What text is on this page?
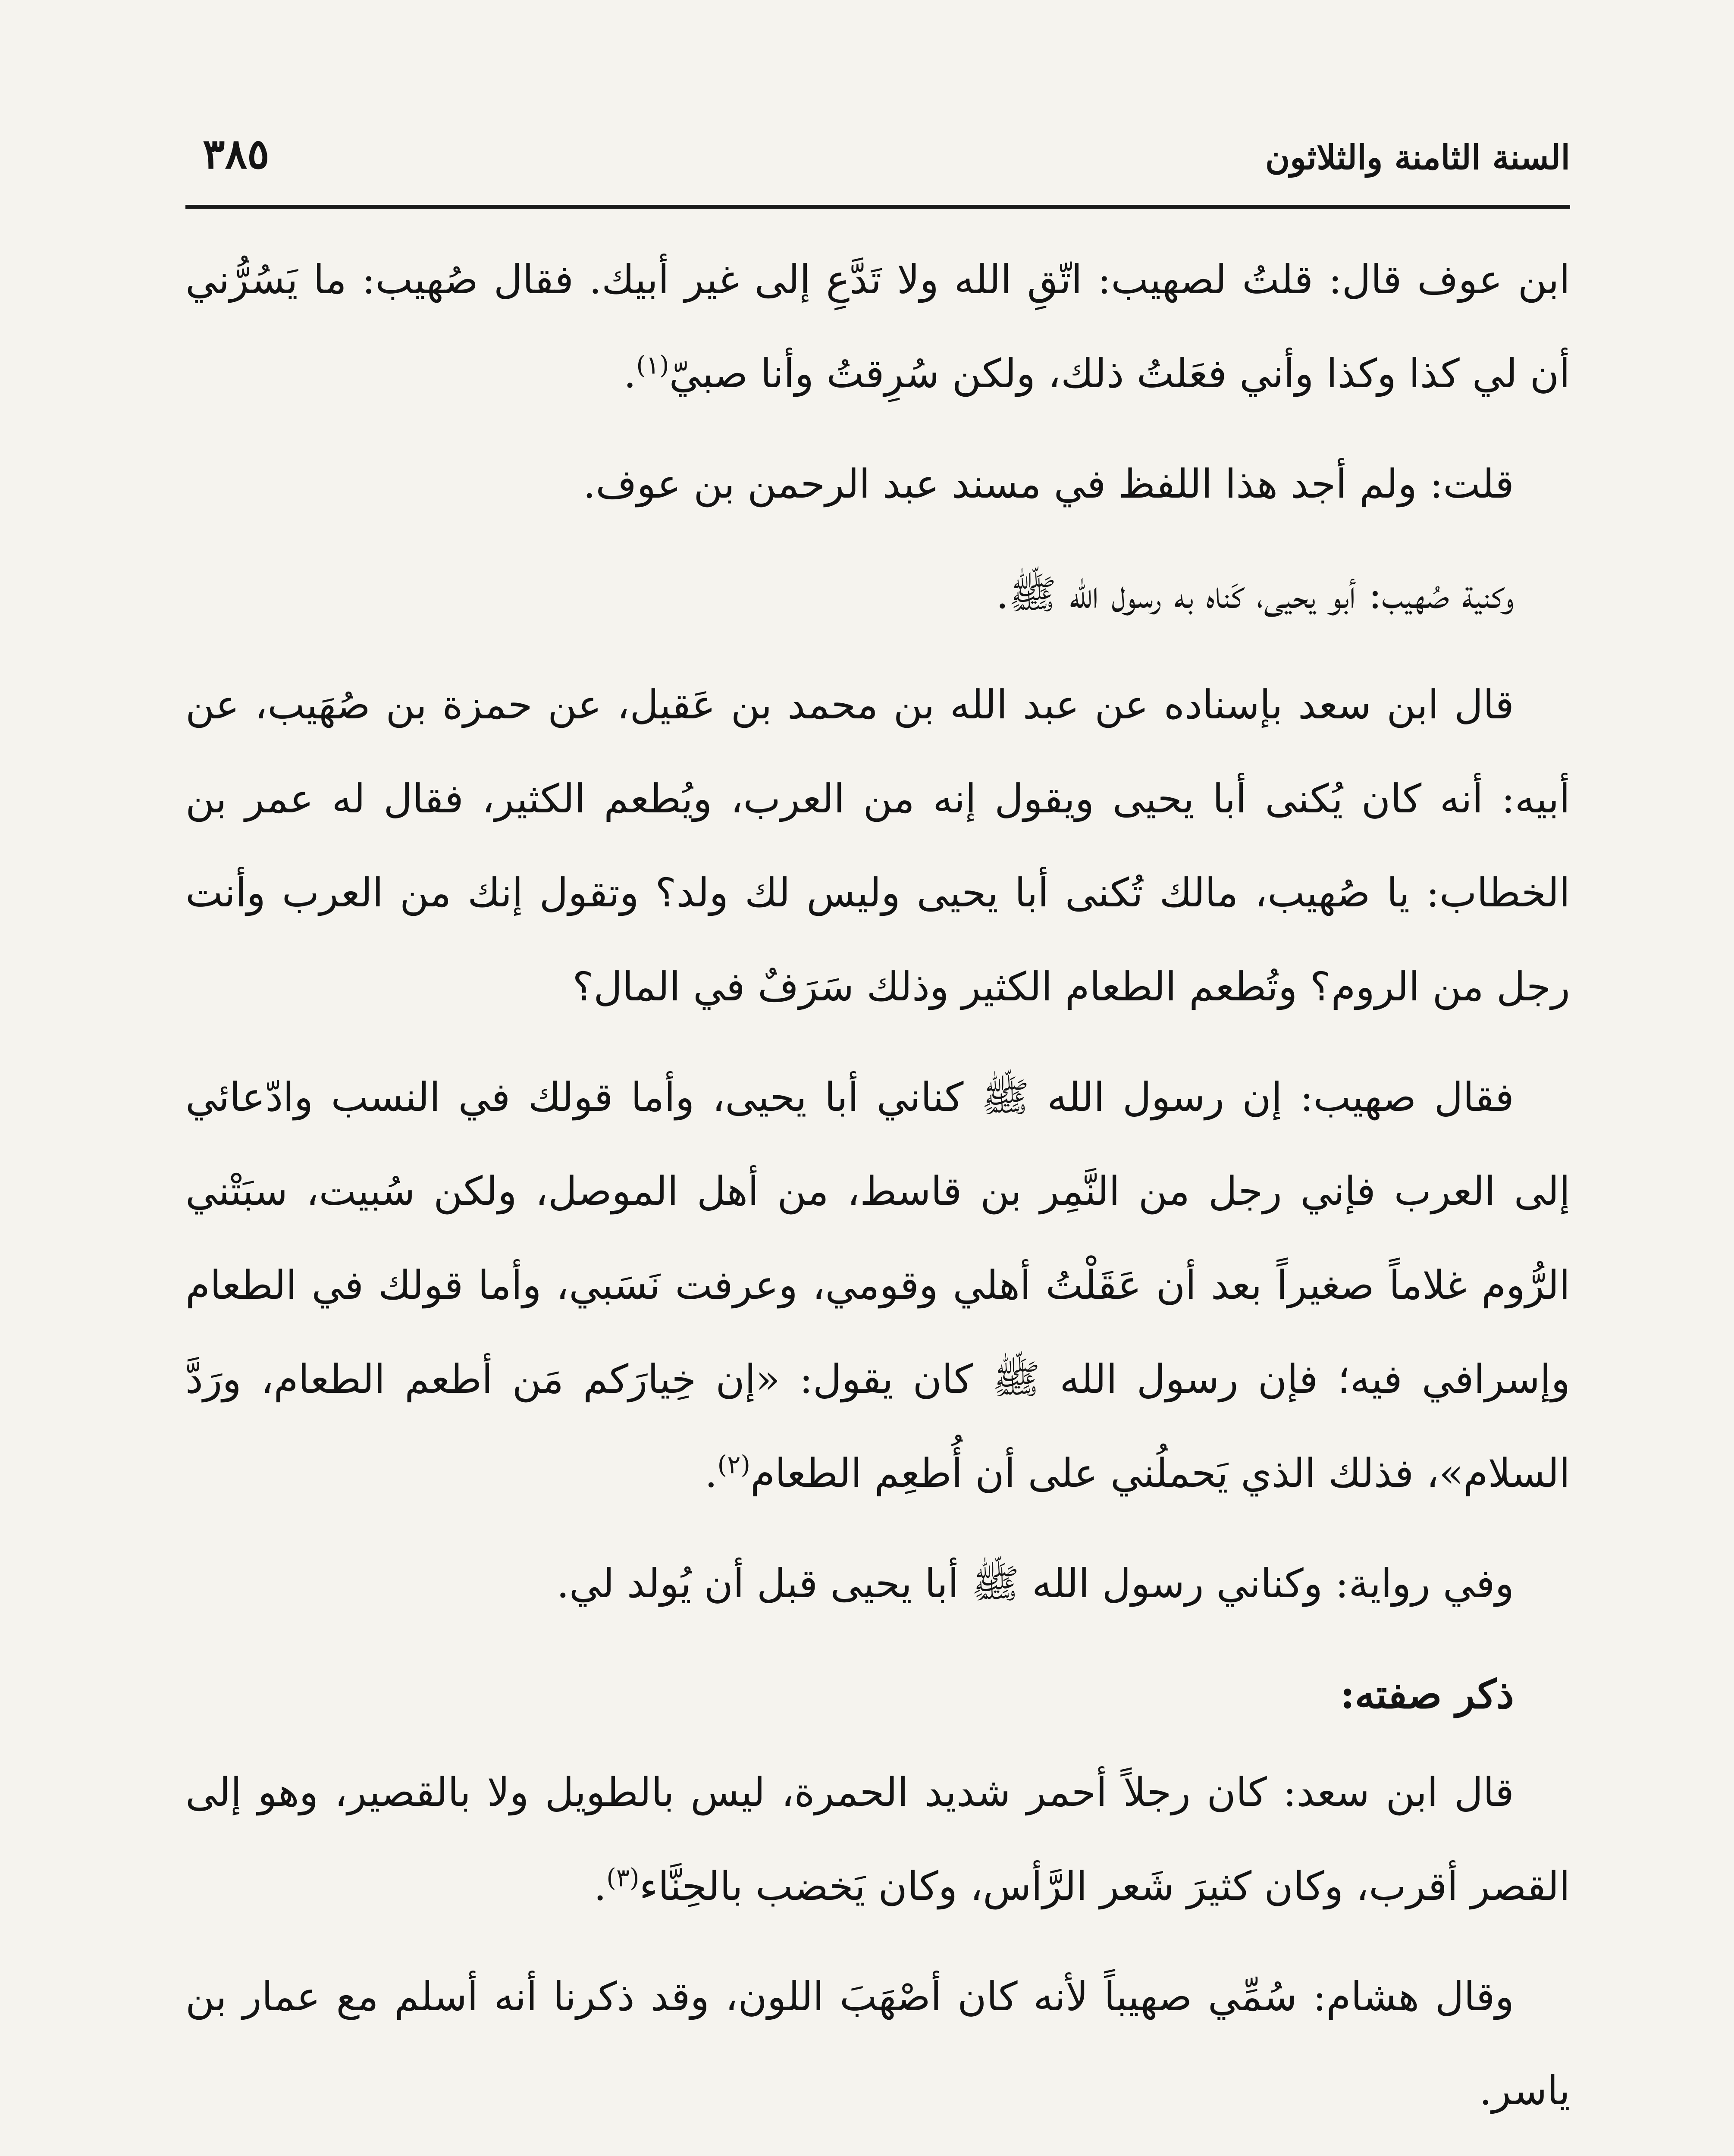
السنة الثامنة والثلاثون
٣٨٥

ابن عوف قال: قلتُ لصهيب: اتّقِ الله ولا تَدَّعِ إلى غير أبيك. فقال صُهيب: ما يَسُرُّني أن لي كذا وكذا وأني فعَلتُ ذلك، ولكن سُرِقتُ وأنا صبيّ$^{(١)}$.

قلت: ولم أجد هذا اللفظ في مسند عبد الرحمن بن عوف.

وكنية صُهيب: أبو يحيى، كَناه به رسول الله ﷺ.

قال ابن سعد بإسناده عن عبد الله بن محمد بن عَقيل، عن حمزة بن صُهَيب، عن أبيه: أنه كان يُكنى أبا يحيى ويقول إنه من العرب، ويُطعم الكثير، فقال له عمر بن الخطاب: يا صُهيب، مالك تُكنى أبا يحيى وليس لك ولد؟ وتقول إنك من العرب وأنت رجل من الروم؟ وتُطعم الطعام الكثير وذلك سَرَفٌ في المال؟

فقال صهيب: إن رسول الله ﷺ كناني أبا يحيى، وأما قولك في النسب وادّعائي إلى العرب فإني رجل من النَّمِر بن قاسط، من أهل الموصل، ولكن سُبيت، سبَتْني الرُّوم غلاماً صغيراً بعد أن عَقَلْتُ أهلي وقومي، وعرفت نَسَبي، وأما قولك في الطعام وإسرافي فيه؛ فإن رسول الله ﷺ كان يقول: «إن خِيارَكم مَن أطعم الطعام، ورَدَّ السلام»، فذلك الذي يَحملُني على أن أُطعِم الطعام$^{(٢)}$.

وفي رواية: وكناني رسول الله ﷺ أبا يحيى قبل أن يُولد لي.

ذكر صفته:

قال ابن سعد: كان رجلاً أحمر شديد الحمرة، ليس بالطويل ولا بالقصير، وهو إلى القصر أقرب، وكان كثيرَ شَعر الرَّأس، وكان يَخضب بالحِنَّاء$^{(٣)}$.

وقال هشام: سُمِّي صهيباً لأنه كان أصْهَبَ اللون، وقد ذكرنا أنه أسلم مع عمار بن ياسر.
